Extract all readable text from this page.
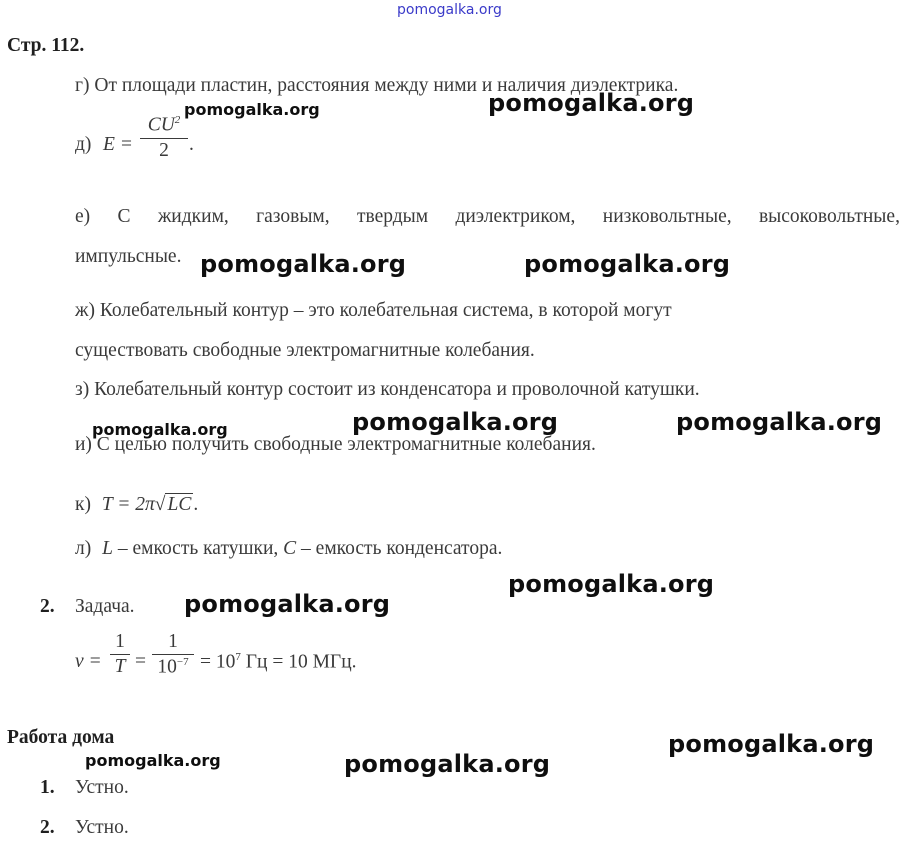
pomogalka.org
Стр. 112.
г) От площади пластин, расстояния между ними и наличия диэлектрика.
д) E =
$CU^2$
2	.
е) С жидким, газовым, твердым диэлектриком, низковольтные, высоковольтные,
импульсные.
ж) Колебательный контур – это колебательная система, в которой могут
существовать свободные электромагнитные колебания.
з) Колебательный контур состоит из конденсатора и проволочной катушки.
и) С целью получить свободные электромагнитные колебания.
к) T = 2π√ LC .
л) L – емкость катушки, C – емкость конденсатора.
2. Задача.
ν =
1
T =
1
$10^{-7} = 10^7$ Гц = 10 МГц.
Работа дома
1. Устно.
2. Устно.
pomogalka.org	pomogalka.org
pomogalka.org	pomogalka.org
pomogalka.org	pomogalka.org	pomogalka.org
pomogalka.org
pomogalka.org
pomogalka.org
pomogalka.org	pomogalka.org
